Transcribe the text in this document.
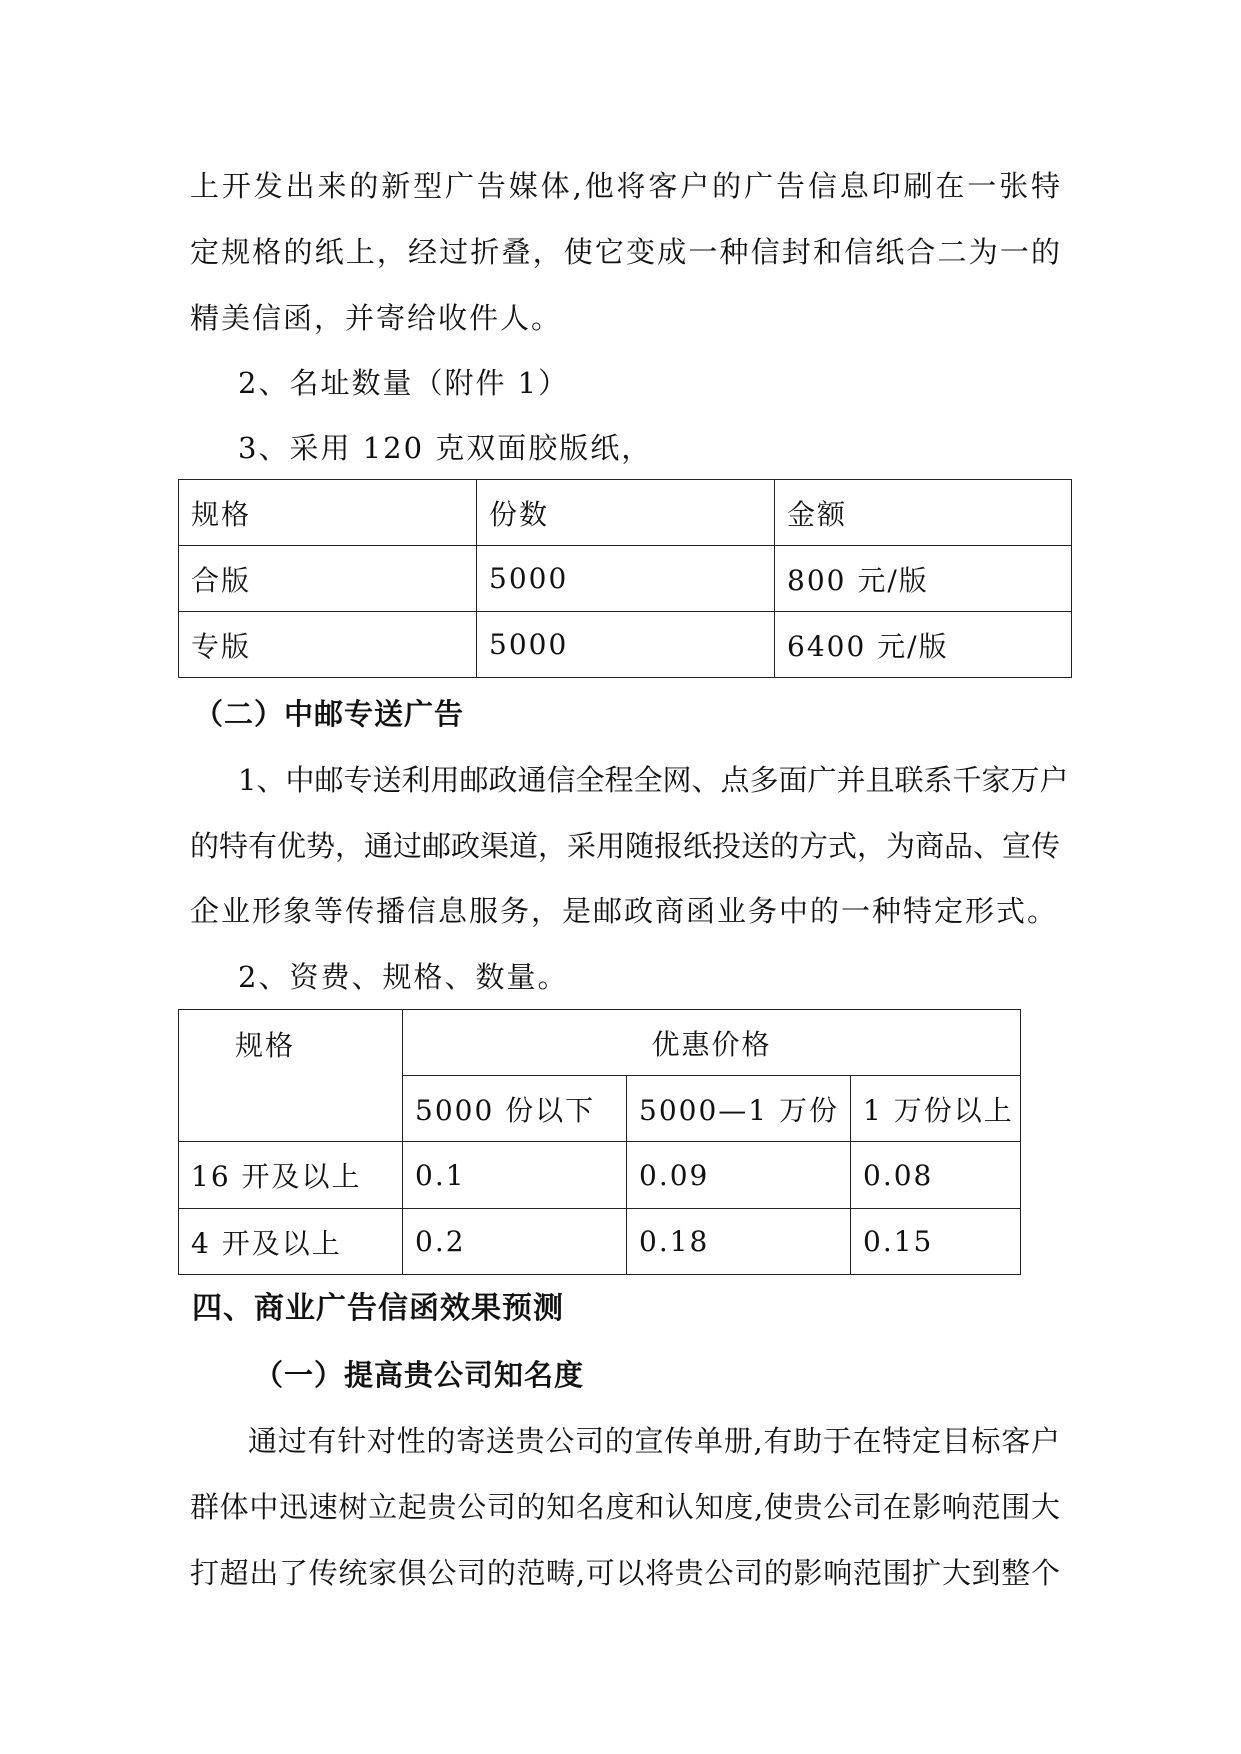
上开发出来的新型广告媒体,他将客户的广告信息印刷在一张特
定规格的纸上，经过折叠，使它变成一种信封和信纸合二为一的
精美信函，并寄给收件人。
2、名址数量（附件 1）
3、采用 120 克双面胶版纸，
规格	份数	金额
合版	5000	800 元/版
专版	5000	6400 元/版
（二）中邮专送广告
1、中邮专送利用邮政通信全程全网、点多面广并且联系千家万户
的特有优势，通过邮政渠道，采用随报纸投送的方式，为商品、宣传
企业形象等传播信息服务，是邮政商函业务中的一种特定形式。
2、资费、规格、数量。
规格	优惠价格		
	5000 份以下	5000—1 万份	1 万份以上
16 开及以上	0.1	0.09	0.08
4 开及以上	0.2	0.18	0.15
四、商业广告信函效果预测
（一）提高贵公司知名度
通过有针对性的寄送贵公司的宣传单册,有助于在特定目标客户
群体中迅速树立起贵公司的知名度和认知度,使贵公司在影响范围大
打超出了传统家俱公司的范畴,可以将贵公司的影响范围扩大到整个
